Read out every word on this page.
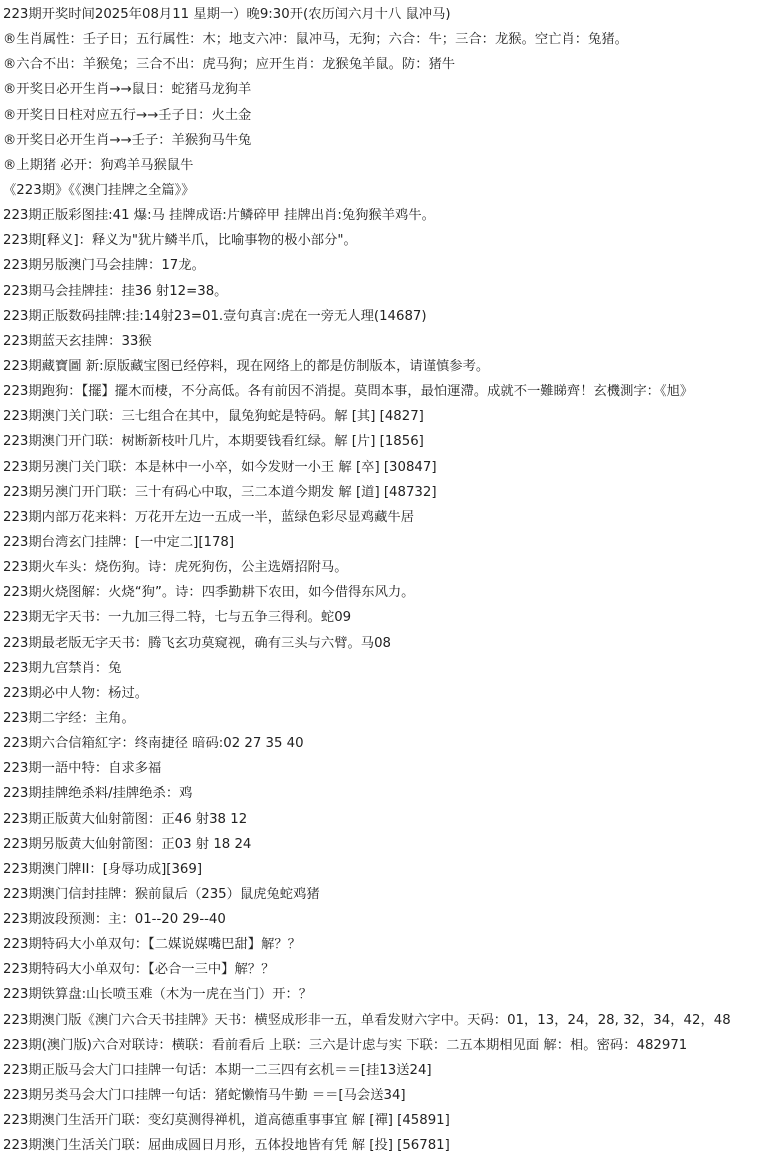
223期开奖时间2025年08月11 星期一）晚9:30开(农历闰六月十八 鼠冲马)
®生肖属性：壬子日；五行属性：木；地支六冲：鼠冲马，无狗；六合：牛；三合：龙猴。空亡肖：兔猪。
®六合不出：羊猴兔；三合不出：虎马狗；应开生肖：龙猴兔羊鼠。防：猪牛
®开奖日必开生肖→→鼠日：蛇猪马龙狗羊
®开奖日日柱对应五行→→壬子日：火土金
®开奖日必开生肖→→壬子：羊猴狗马牛兔
®上期猪 必开：狗鸡羊马猴鼠牛
《223期》《《澳门挂牌之全篇》》
223期正版彩图挂:41 爆:马 挂牌成语:片鳞碎甲 挂牌出肖:兔狗猴羊鸡牛。
223期[释义]：释义为"犹片鳞半爪，比喻事物的极小部分"。
223期另版澳门马会挂牌：17龙。
223期马会挂牌挂：挂36 射12=38。
223期正版数码挂牌:挂:14射23=01.壹句真言:虎在一旁无人理(14687)
223期蓝天玄挂牌：33猴
223期藏寶圖 新:原版藏宝图已经停料，现在网络上的都是仿制版本，请谨慎参考。
223期跑狗：【擺】擺木而棲，不分高低。各有前因不消提。莫問本事，最怕運滯。成就不一難睇齊！玄機測字：《旭》
223期澳门关门联：三七组合在其中，鼠兔狗蛇是特码。解 [其] [4827]
223期澳门开门联：树断新枝叶几片，本期要钱看红绿。解 [片] [1856]
223期另澳门关门联：本是林中一小卒，如今发财一小王 解 [卒] [30847]
223期另澳门开门联：三十有码心中取，三二本道今期发 解 [道] [48732]
223期内部万花来料：万花开左边一五成一半，蓝绿色彩尽显鸡藏牛居
223期台湾玄门挂牌：[一中定二][178]
223期火车头：烧伤狗。诗：虎死狗伤，公主选婿招附马。
223期火烧图解：火烧“狗”。诗：四季勤耕下农田，如今借得东风力。
223期无字天书：一九加三得二特，七与五争三得利。蛇09
223期最老版无字天书：腾飞玄功莫窥视，确有三头与六臂。马08
223期九宫禁肖：兔
223期必中人物：杨过。
223期二字经：主角。
223期六合信箱紅字：终南捷径 暗码:02 27 35 40
223期一語中特：自求多福
223期挂牌绝杀料/挂牌绝杀：鸡
223期正版黄大仙射箭图：正46 射38 12
223期另版黄大仙射箭图：正03 射 18 24
223期澳门牌II：[身辱功成][369]
223期澳门信封挂牌：猴前鼠后（235）鼠虎兔蛇鸡猪
223期波段预测：主：01--20 29--40
223期特码大小单双句：【二媒说媒嘴巴甜】解？？
223期特码大小单双句：【必合一三中】解？？
223期铁算盘:山长喷玉难（木为一虎在当门）开：？
223期澳门版《澳门六合天书挂牌》天书：横竖成形非一五，单看发财六字中。天码：01，13，24，28, 32，34，42，48
223期(澳门版)六合对联诗：横联：看前看后 上联：三六是计虑与实 下联：二五本期相见面 解：相。密码：482971
223期正版马会大门口挂牌一句话：本期一二三四有玄机＝＝[挂13送24]
223期另类马会大门口挂牌一句话：猪蛇懒惰马牛勤 ＝＝[马会送34]
223期澳门生活开门联：变幻莫测得禅机，道高德重事事宜 解 [禪] [45891]
223期澳门生活关门联：屈曲成圆日月形，五体投地皆有凭 解 [投] [56781]
